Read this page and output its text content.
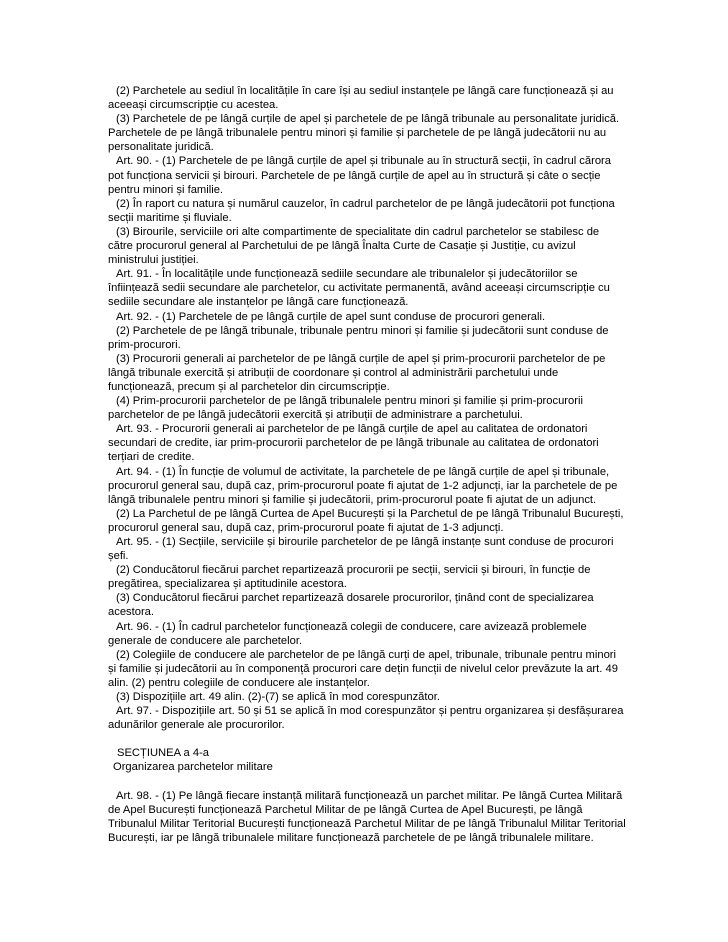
(2) Parchetele au sediul în localitățile în care își au sediul instanțele pe lângă care funcționează și au aceeași circumscripție cu acestea.

(3) Parchetele de pe lângă curțile de apel și parchetele de pe lângă tribunale au personalitate juridică. Parchetele de pe lângă tribunalele pentru minori și familie și parchetele de pe lângă judecătorii nu au personalitate juridică.

Art. 90. - (1) Parchetele de pe lângă curțile de apel și tribunale au în structură secții, în cadrul cărora pot funcționa servicii și birouri. Parchetele de pe lângă curțile de apel au în structură și câte o secție pentru minori și familie.

(2) În raport cu natura și numărul cauzelor, în cadrul parchetelor de pe lângă judecătorii pot funcționa secții maritime și fluviale.

(3) Birourile, serviciile ori alte compartimente de specialitate din cadrul parchetelor se stabilesc de către procurorul general al Parchetului de pe lângă Înalta Curte de Casație și Justiție, cu avizul ministrului justiției.

Art. 91. - În localitățile unde funcționează sediile secundare ale tribunalelor și judecătoriilor se înființează sedii secundare ale parchetelor, cu activitate permanentă, având aceeași circumscripție cu sediile secundare ale instanțelor pe lângă care funcționează.

Art. 92. - (1) Parchetele de pe lângă curțile de apel sunt conduse de procurori generali.

(2) Parchetele de pe lângă tribunale, tribunale pentru minori și familie și judecătorii sunt conduse de prim-procurori.

(3) Procurorii generali ai parchetelor de pe lângă curțile de apel și prim-procurorii parchetelor de pe lângă tribunale exercită și atribuții de coordonare și control al administrării parchetului unde funcționează, precum și al parchetelor din circumscripție.

(4) Prim-procurorii parchetelor de pe lângă tribunalele pentru minori și familie și prim-procurorii parchetelor de pe lângă judecătorii exercită și atribuții de administrare a parchetului.

Art. 93. - Procurorii generali ai parchetelor de pe lângă curțile de apel au calitatea de ordonatori secundari de credite, iar prim-procurorii parchetelor de pe lângă tribunale au calitatea de ordonatori terțiari de credite.

Art. 94. - (1) În funcție de volumul de activitate, la parchetele de pe lângă curțile de apel și tribunale, procurorul general sau, după caz, prim-procurorul poate fi ajutat de 1-2 adjuncți, iar la parchetele de pe lângă tribunalele pentru minori și familie și judecătorii, prim-procurorul poate fi ajutat de un adjunct.

(2) La Parchetul de pe lângă Curtea de Apel București și la Parchetul de pe lângă Tribunalul București, procurorul general sau, după caz, prim-procurorul poate fi ajutat de 1-3 adjuncți.

Art. 95. - (1) Secțiile, serviciile și birourile parchetelor de pe lângă instanțe sunt conduse de procurori șefi.

(2) Conducătorul fiecărui parchet repartizează procurorii pe secții, servicii și birouri, în funcție de pregătirea, specializarea și aptitudinile acestora.

(3) Conducătorul fiecărui parchet repartizează dosarele procurorilor, ținând cont de specializarea acestora.

Art. 96. - (1) În cadrul parchetelor funcționează colegii de conducere, care avizează problemele generale de conducere ale parchetelor.

(2) Colegiile de conducere ale parchetelor de pe lângă curți de apel, tribunale, tribunale pentru minori și familie și judecătorii au în componență procurori care dețin funcții de nivelul celor prevăzute la art. 49 alin. (2) pentru colegiile de conducere ale instanțelor.

(3) Dispozițiile art. 49 alin. (2)-(7) se aplică în mod corespunzător.

Art. 97. - Dispozițiile art. 50 și 51 se aplică în mod corespunzător și pentru organizarea și desfășurarea adunărilor generale ale procurorilor.

SECȚIUNEA a 4-a

Organizarea parchetelor militare

Art. 98. - (1) Pe lângă fiecare instanță militară funcționează un parchet militar. Pe lângă Curtea Militară de Apel București funcționează Parchetul Militar de pe lângă Curtea de Apel București, pe lângă Tribunalul Militar Teritorial București funcționează Parchetul Militar de pe lângă Tribunalul Militar Teritorial București, iar pe lângă tribunalele militare funcționează parchetele de pe lângă tribunalele militare.
